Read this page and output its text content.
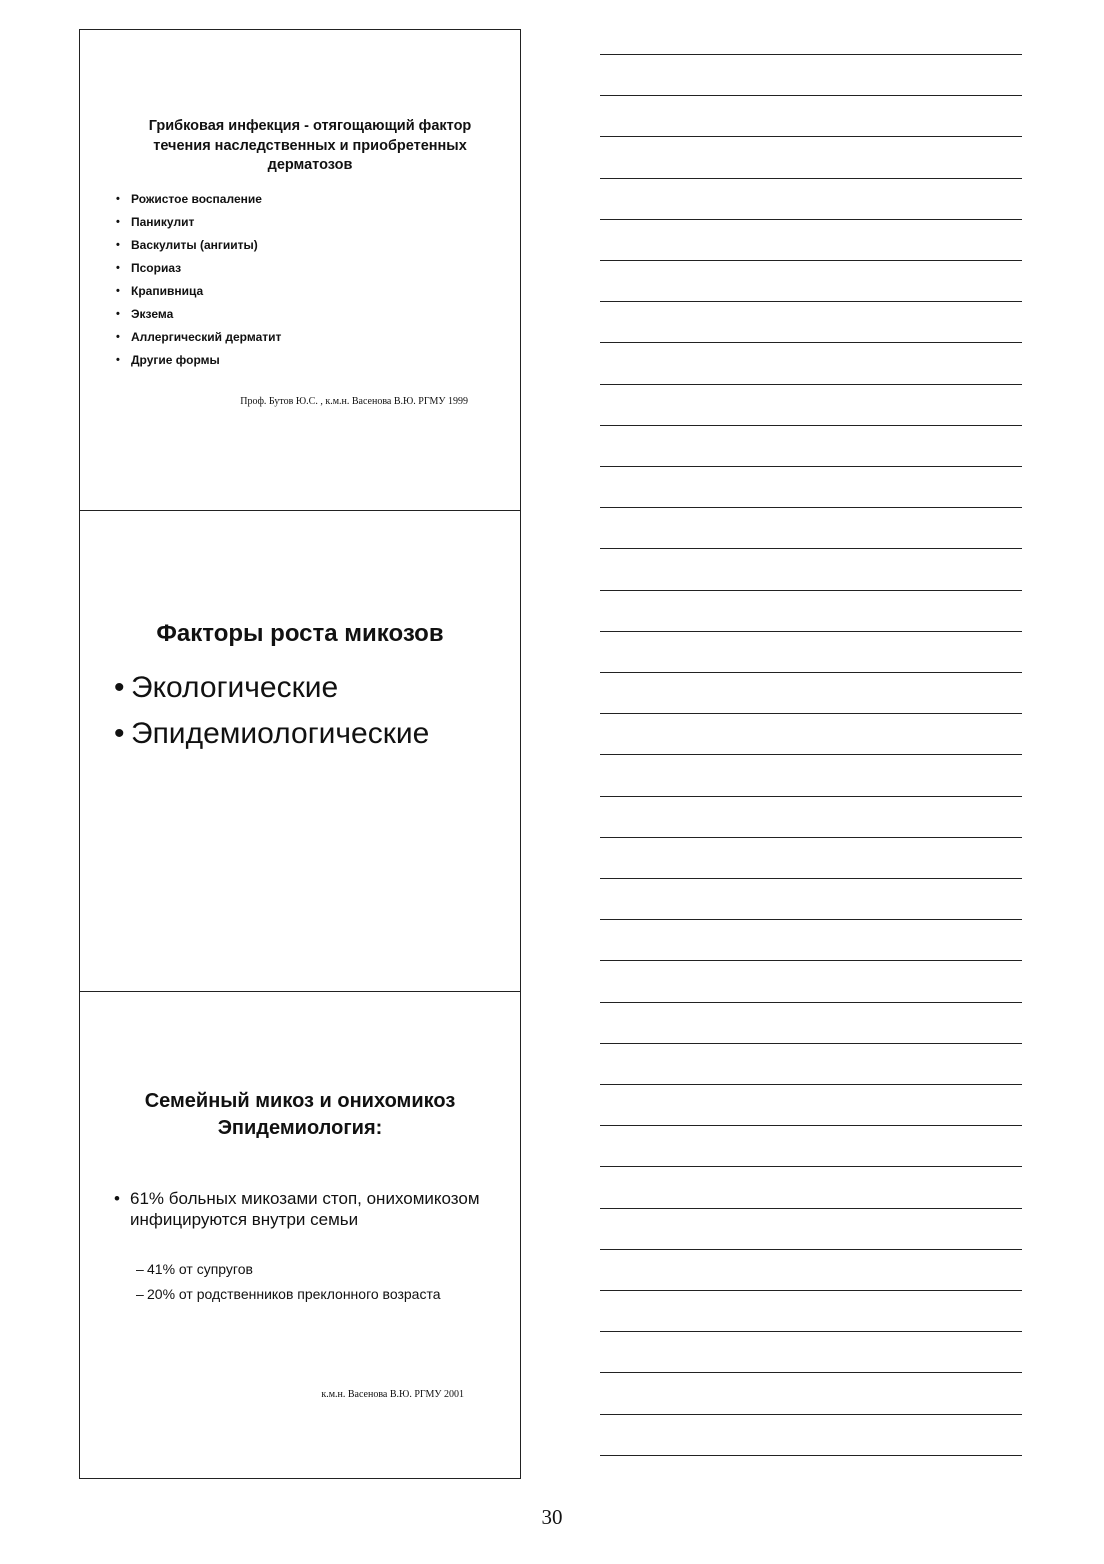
Грибковая инфекция - отягощающий фактор течения наследственных и приобретенных дерматозов
• Рожистое воспаление
• Паникулит
• Васкулиты (ангииты)
• Псориаз
• Крапивница
• Экзема
• Аллергический дерматит
• Другие формы
Проф. Бутов Ю.С. , к.м.н. Васенова В.Ю. РГМУ 1999
Факторы роста микозов
• Экологические
• Эпидемиологические
Семейный микоз и онихомикоз
Эпидемиология:
• 61% больных микозами стоп, онихомикозом инфицируются внутри семьи
– 41% от супругов
– 20% от родственников преклонного возраста
к.м.н. Васенова В.Ю. РГМУ 2001
30
